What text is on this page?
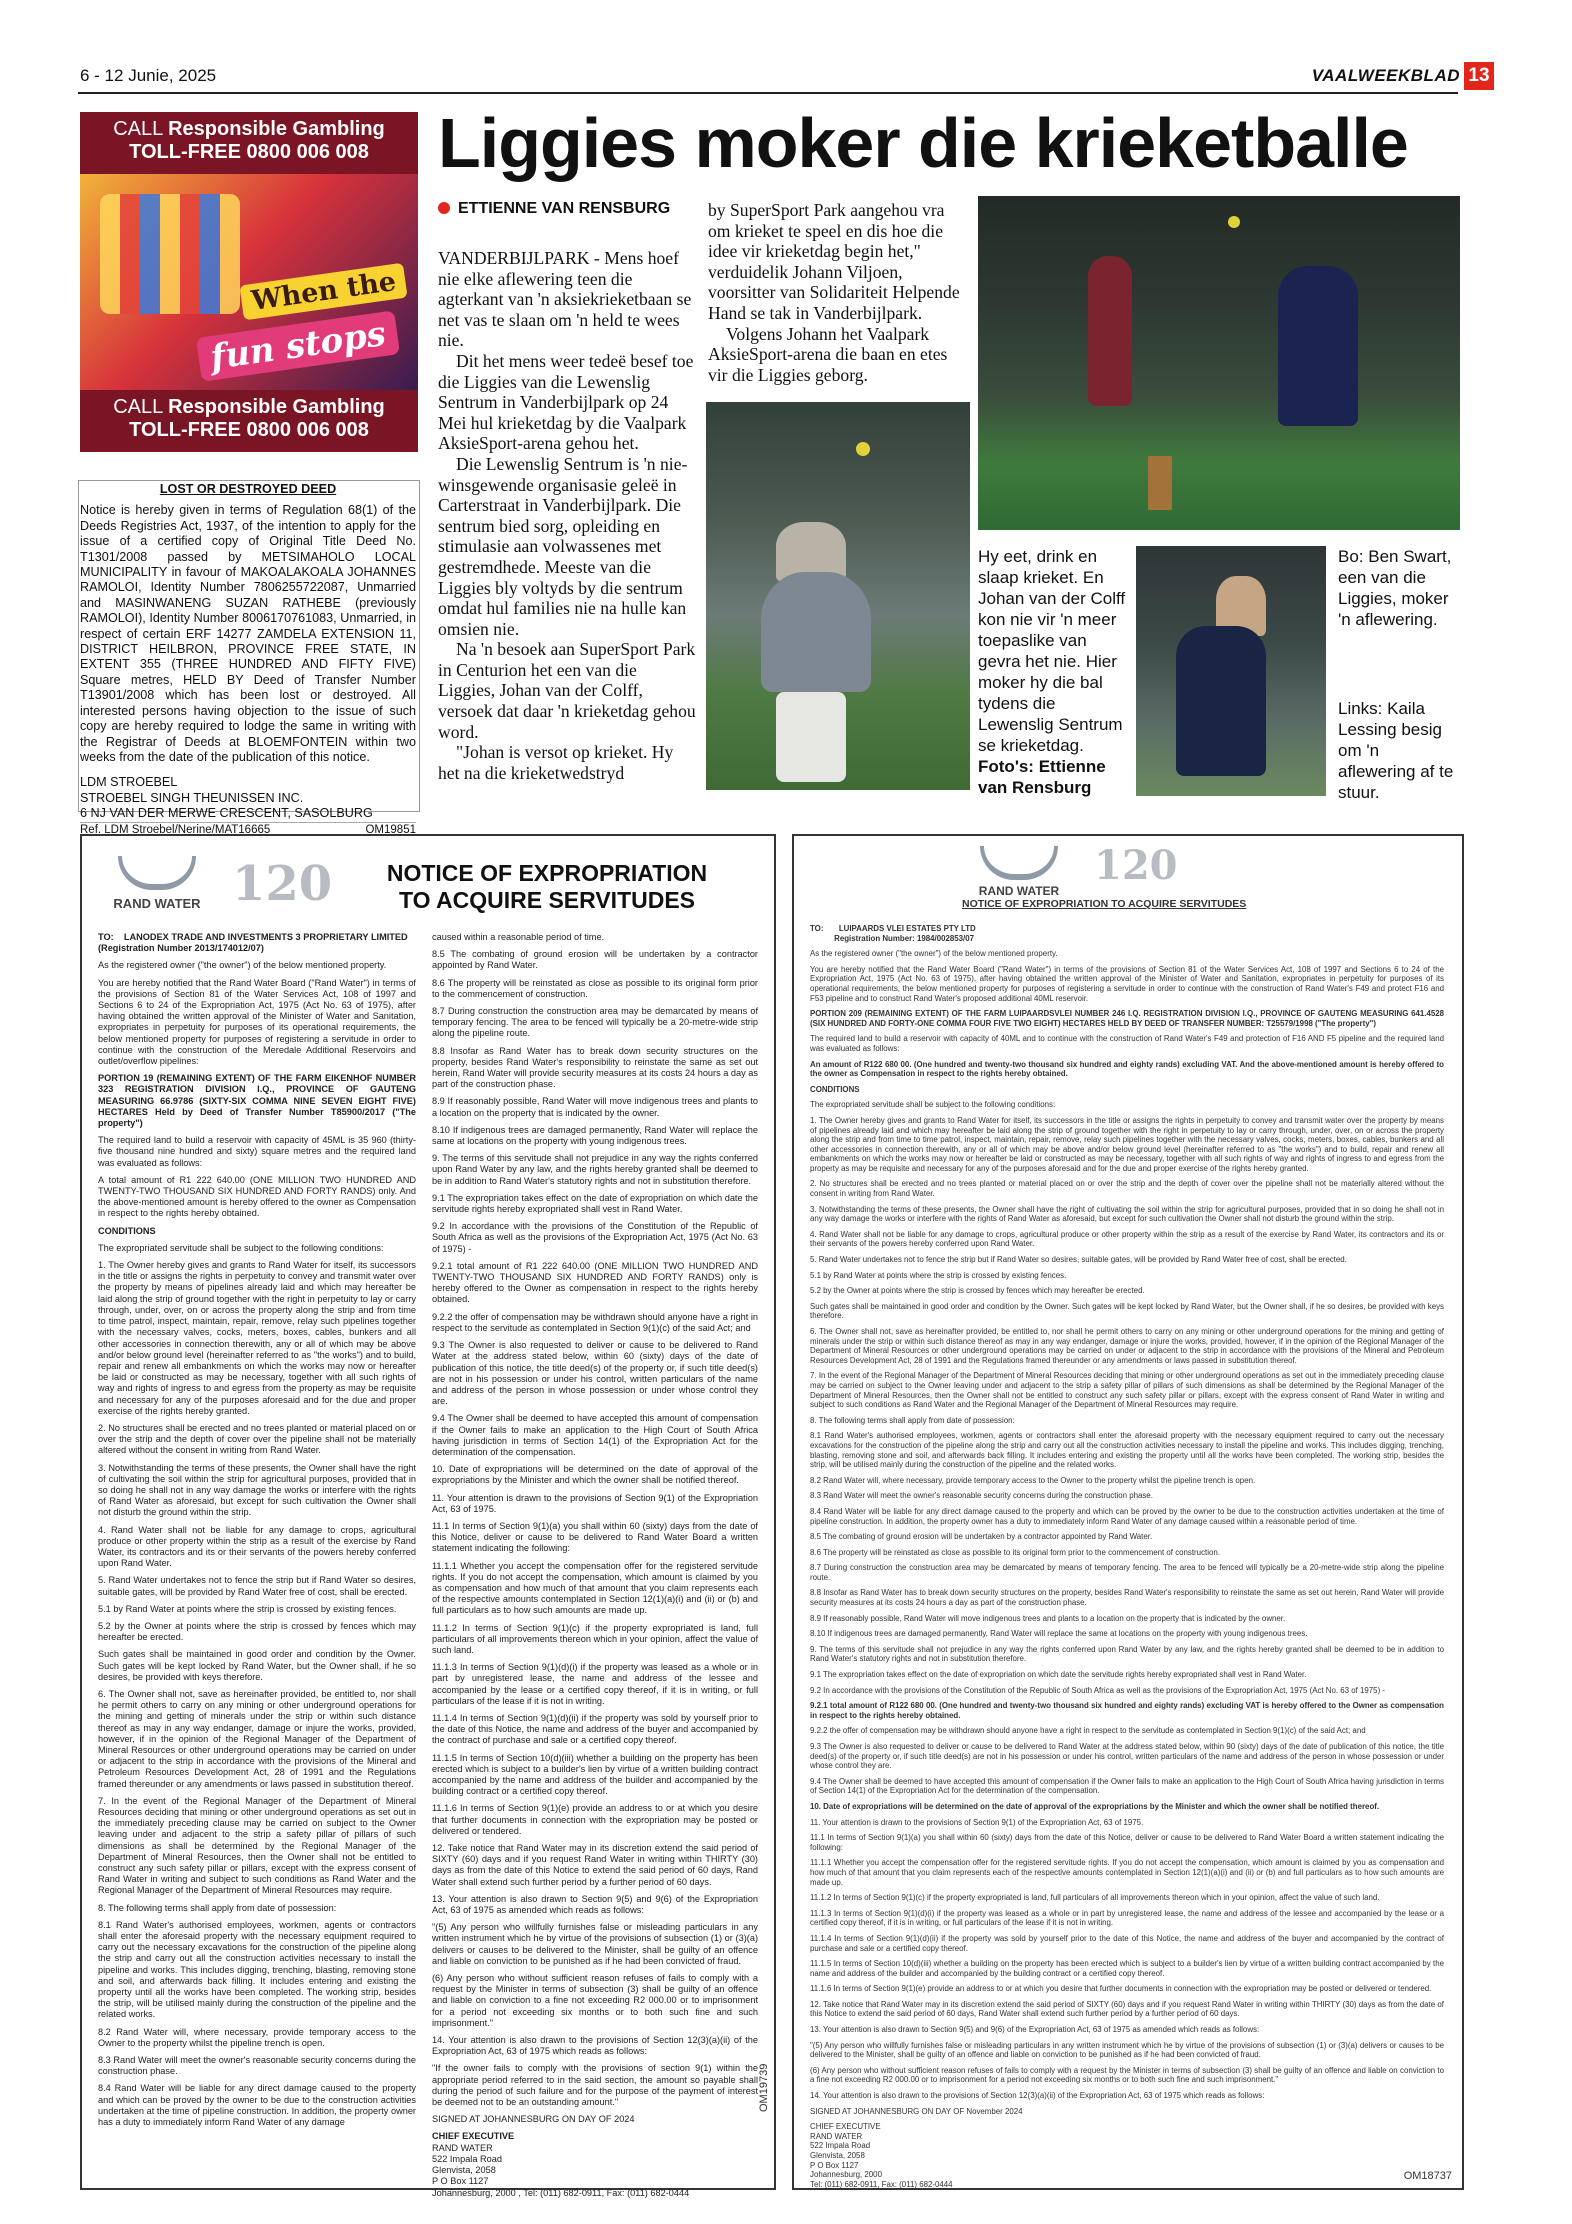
6 - 12 Junie, 2025	VAALWEEKBLAD 13
CALL Responsible Gambling
TOLL-FREE 0800 006 008
When the
fun stops
CALL Responsible Gambling
TOLL-FREE 0800 006 008
LOST OR DESTROYED DEED

Notice is hereby given in terms of Regulation 68(1) of the Deeds Registries Act, 1937, of the intention to apply for the issue of a certified copy of Original Title Deed No. T1301/2008 passed by METSIMAHOLO LOCAL MUNICIPALITY in favour of MAKOALAKOALA JOHANNES RAMOLOI, Identity Number 7806255722087, Unmarried and MASINWANENG SUZAN RATHEBE (previously RAMOLOI), Identity Number 8006170761083, Unmarried, in respect of certain ERF 14277 ZAMDELA EXTENSION 11, DISTRICT HEILBRON, PROVINCE FREE STATE, IN EXTENT 355 (THREE HUNDRED AND FIFTY FIVE) Square metres, HELD BY Deed of Transfer Number T13901/2008 which has been lost or destroyed. All interested persons having objection to the issue of such copy are hereby required to lodge the same in writing with the Registrar of Deeds at BLOEMFONTEIN within two weeks from the date of the publication of this notice.

LDM STROEBEL

STROEBEL SINGH THEUNISSEN INC.

6 NJ VAN DER MERWE CRESCENT, SASOLBURG

Ref. LDM Stroebel/Nerine/MAT16665	OM19851
Liggies moker die krieketballe
ETTIENNE VAN RENSBURG

VANDERBIJLPARK - Mens hoef nie elke aflewering teen die agterkant van 'n aksiekrieketbaan se net vas te slaan om 'n held te wees nie.

Dit het mens weer tedeë besef toe die Liggies van die Lewenslig Sentrum in Vanderbijlpark op 24 Mei hul krieketdag by die Vaalpark AksieSport-arena gehou het.

Die Lewenslig Sentrum is 'n nie-winsgewende organisasie geleë in Carterstraat in Vanderbijlpark. Die sentrum bied sorg, opleiding en stimulasie aan volwassenes met gestremdhede. Meeste van die Liggies bly voltyds by die sentrum omdat hul families nie na hulle kan omsien nie.

Na 'n besoek aan SuperSport Park in Centurion het een van die Liggies, Johan van der Colff, versoek dat daar 'n krieketdag gehou word.

"Johan is versot op krieket. Hy het na die krieketwedstryd

by SuperSport Park aangehou vra om krieket te speel en dis hoe die idee vir krieketdag begin het," verduidelik Johann Viljoen, voorsitter van Solidariteit Helpende Hand se tak in Vanderbijlpark.

Volgens Johann het Vaalpark AksieSport-arena die baan en etes vir die Liggies geborg.

Hy eet, drink en slaap krieket. En Johan van der Colff kon nie vir 'n meer toepaslike van gevra het nie. Hier moker hy die bal tydens die Lewenslig Sentrum se krieketdag. Foto's: Ettienne van Rensburg
Bo: Ben Swart, een van die Liggies, moker 'n aflewering.
Links: Kaila Lessing besig om 'n aflewering af te stuur.
RAND WATER 120 NOTICE OF EXPROPRIATION TO ACQUIRE SERVITUDES

TO: LANODEX TRADE AND INVESTMENTS 3 PROPRIETARY LIMITED
(Registration Number 2013/174012/07)

As the registered owner ("the owner") of the below mentioned property.

You are hereby notified that the Rand Water Board ("Rand Water") in terms of the provisions of Section 81 of the Water Services Act, 108 of 1997 and Sections 6 to 24 of the Expropriation Act, 1975 (Act No. 63 of 1975), after having obtained the written approval of the Minister of Water and Sanitation, expropriates in perpetuity for purposes of its operational requirements, the below mentioned property for purposes of registering a servitude in order to continue with the construction of the Meredale Additional Reservoirs and outlet/overflow pipelines:

PORTION 19 (REMAINING EXTENT) OF THE FARM EIKENHOF NUMBER 323 REGISTRATION DIVISION I.Q., PROVINCE OF GAUTENG MEASURING 66.9786 (SIXTY-SIX COMMA NINE SEVEN EIGHT FIVE) HECTARES Held by Deed of Transfer Number T85900/2017 ("The property")

The required land to build a reservoir with capacity of 45ML is 35 960 (thirty-five thousand nine hundred and sixty) square metres and the required land was evaluated as follows:

A total amount of R1 222 640.00 (ONE MILLION TWO HUNDRED AND TWENTY-TWO THOUSAND SIX HUNDRED AND FORTY RANDS) only. And the above-mentioned amount is hereby offered to the owner as Compensation in respect to the rights hereby obtained.

CONDITIONS

The expropriated servitude shall be subject to the following conditions:

1. The Owner hereby gives and grants to Rand Water for itself, its successors in the title or assigns the rights in perpetuity to convey and transmit water over the property by means of pipelines already laid and which may hereafter be laid along the strip of ground together with the right in perpetuity to lay or carry through, under, over, on or across the property along the strip and from time to time patrol, inspect, maintain, repair, remove, relay such pipelines together with the necessary valves, cocks, meters, boxes, cables, bunkers and all other accessories in connection therewith, any or all of which may be above and/or below ground level (hereinafter referred to as "the works") and to build, repair and renew all embankments on which the works may now or hereafter be laid or constructed as may be necessary, together with all such rights of way and rights of ingress to and egress from the property as may be requisite and necessary for any of the purposes aforesaid and for the due and proper exercise of the rights hereby granted.

2. No structures shall be erected and no trees planted or material placed on or over the strip and the depth of cover over the pipeline shall not be materially altered without the consent in writing from Rand Water.

3. Notwithstanding the terms of these presents, the Owner shall have the right of cultivating the soil within the strip for agricultural purposes, provided that in so doing he shall not in any way damage the works or interfere with the rights of Rand Water as aforesaid, but except for such cultivation the Owner shall not disturb the ground within the strip.

4. Rand Water shall not be liable for any damage to crops, agricultural produce or other property within the strip as a result of the exercise by Rand Water, its contractors and its or their servants of the powers hereby conferred upon Rand Water.

5. Rand Water undertakes not to fence the strip but if Rand Water so desires, suitable gates, will be provided by Rand Water free of cost, shall be erected.

5.1 by Rand Water at points where the strip is crossed by existing fences.

5.2 by the Owner at points where the strip is crossed by fences which may hereafter be erected.

Such gates shall be maintained in good order and condition by the Owner. Such gates will be kept locked by Rand Water, but the Owner shall, if he so desires, be provided with keys therefore.

6. The Owner shall not, save as hereinafter provided, be entitled to, nor shall he permit others to carry on any mining or other underground operations for the mining and getting of minerals under the strip or within such distance thereof as may in any way endanger, damage or injure the works, provided, however, if in the opinion of the Regional Manager of the Department of Mineral Resources or other underground operations may be carried on under or adjacent to the strip in accordance with the provisions of the Mineral and Petroleum Resources Development Act, 28 of 1991 and the Regulations framed thereunder or any amendments or laws passed in substitution thereof.

7. In the event of the Regional Manager of the Department of Mineral Resources deciding that mining or other underground operations as set out in the immediately preceding clause may be carried on subject to the Owner leaving under and adjacent to the strip a safety pillar of pillars of such dimensions as shall be determined by the Regional Manager of the Department of Mineral Resources, then the Owner shall not be entitled to construct any such safety pillar or pillars, except with the express consent of Rand Water in writing and subject to such conditions as Rand Water and the Regional Manager of the Department of Mineral Resources may require.

8. The following terms shall apply from date of possession:

8.1 Rand Water's authorised employees, workmen, agents or contractors shall enter the aforesaid property with the necessary equipment required to carry out the necessary excavations for the construction of the pipeline along the strip and carry out all the construction activities necessary to install the pipeline and works. This includes digging, trenching, blasting, removing stone and soil, and afterwards back filling. It includes entering and existing the property until all the works have been completed. The working strip, besides the strip, will be utilised mainly during the construction of the pipeline and the related works.

8.2 Rand Water will, where necessary, provide temporary access to the Owner to the property whilst the pipeline trench is open.

8.3 Rand Water will meet the owner's reasonable security concerns during the construction phase.

8.4 Rand Water will be liable for any direct damage caused to the property and which can be proved by the owner to be due to the construction activities undertaken at the time of pipeline construction. In addition, the property owner has a duty to immediately inform Rand Water of any damage

caused within a reasonable period of time.

8.5 The combating of ground erosion will be undertaken by a contractor appointed by Rand Water.

8.6 The property will be reinstated as close as possible to its original form prior to the commencement of construction.

8.7 During construction the construction area may be demarcated by means of temporary fencing. The area to be fenced will typically be a 20-metre-wide strip along the pipeline route.

8.8 Insofar as Rand Water has to break down security structures on the property, besides Rand Water's responsibility to reinstate the same as set out herein, Rand Water will provide security measures at its costs 24 hours a day as part of the construction phase.

8.9 If reasonably possible, Rand Water will move indigenous trees and plants to a location on the property that is indicated by the owner.

8.10 If indigenous trees are damaged permanently, Rand Water will replace the same at locations on the property with young indigenous trees.

9. The terms of this servitude shall not prejudice in any way the rights conferred upon Rand Water by any law, and the rights hereby granted shall be deemed to be in addition to Rand Water's statutory rights and not in substitution therefore.

9.1 The expropriation takes effect on the date of expropriation on which date the servitude rights hereby expropriated shall vest in Rand Water.

9.2 In accordance with the provisions of the Constitution of the Republic of South Africa as well as the provisions of the Expropriation Act, 1975 (Act No. 63 of 1975) -

9.2.1 total amount of R1 222 640.00 (ONE MILLION TWO HUNDRED AND TWENTY-TWO THOUSAND SIX HUNDRED AND FORTY RANDS) only is hereby offered to the Owner as compensation in respect to the rights hereby obtained.

9.2.2 the offer of compensation may be withdrawn should anyone have a right in respect to the servitude as contemplated in Section 9(1)(c) of the said Act; and

9.3 The Owner is also requested to deliver or cause to be delivered to Rand Water at the address stated below, within 60 (sixty) days of the date of publication of this notice, the title deed(s) of the property or, if such title deed(s) are not in his possession or under his control, written particulars of the name and address of the person in whose possession or under whose control they are.

9.4 The Owner shall be deemed to have accepted this amount of compensation if the Owner fails to make an application to the High Court of South Africa having jurisdiction in terms of Section 14(1) of the Expropriation Act for the determination of the compensation.

10. Date of expropriations will be determined on the date of approval of the expropriations by the Minister and which the owner shall be notified thereof.

11. Your attention is drawn to the provisions of Section 9(1) of the Expropriation Act, 63 of 1975.

11.1 In terms of Section 9(1)(a) you shall within 60 (sixty) days from the date of this Notice, deliver or cause to be delivered to Rand Water Board a written statement indicating the following:

11.1.1 Whether you accept the compensation offer for the registered servitude rights. If you do not accept the compensation, which amount is claimed by you as compensation and how much of that amount that you claim represents each of the respective amounts contemplated in Section 12(1)(a)(i) and (ii) or (b) and full particulars as to how such amounts are made up.

11.1.2 In terms of Section 9(1)(c) if the property expropriated is land, full particulars of all improvements thereon which in your opinion, affect the value of such land.

11.1.3 In terms of Section 9(1)(d)(i) if the property was leased as a whole or in part by unregistered lease, the name and address of the lessee and accompanied by the lease or a certified copy thereof, if it is in writing, or full particulars of the lease if it is not in writing.

11.1.4 In terms of Section 9(1)(d)(ii) if the property was sold by yourself prior to the date of this Notice, the name and address of the buyer and accompanied by the contract of purchase and sale or a certified copy thereof.

11.1.5 In terms of Section 10(d)(iii) whether a building on the property has been erected which is subject to a builder's lien by virtue of a written building contract accompanied by the name and address of the builder and accompanied by the building contract or a certified copy thereof.

11.1.6 In terms of Section 9(1)(e) provide an address to or at which you desire that further documents in connection with the expropriation may be posted or delivered or tendered.

12. Take notice that Rand Water may in its discretion extend the said period of SIXTY (60) days and if you request Rand Water in writing within THIRTY (30) days as from the date of this Notice to extend the said period of 60 days, Rand Water shall extend such further period by a further period of 60 days.

13. Your attention is also drawn to Section 9(5) and 9(6) of the Expropriation Act, 63 of 1975 as amended which reads as follows:

"(5) Any person who willfully furnishes false or misleading particulars in any written instrument which he by virtue of the provisions of subsection (1) or (3)(a) delivers or causes to be delivered to the Minister, shall be guilty of an offence and liable on conviction to be punished as if he had been convicted of fraud.

(6) Any person who without sufficient reason refuses of fails to comply with a request by the Minister in terms of subsection (3) shall be guilty of an offence and liable on conviction to a fine not exceeding R2 000.00 or to imprisonment for a period not exceeding six months or to both such fine and such imprisonment."

14. Your attention is also drawn to the provisions of Section 12(3)(a)(ii) of the Expropriation Act, 63 of 1975 which reads as follows:

"If the owner fails to comply with the provisions of section 9(1) within the appropriate period referred to in the said section, the amount so payable shall during the period of such failure and for the purpose of the payment of interest be deemed not to be an outstanding amount."

SIGNED AT JOHANNESBURG ON DAY OF 2024

CHIEF EXECUTIVE

RAND WATER
522 Impala Road
Glenvista, 2058
P O Box 1127
Johannesburg, 2000 , Tel: (011) 682-0911, Fax: (011) 682-0444
OM19739
RAND WATER
120
NOTICE OF EXPROPRIATION TO ACQUIRE SERVITUDES

TO: LUIPAARDS VLEI ESTATES PTY LTD
Registration Number: 1984/002853/07

As the registered owner ("the owner") of the below mentioned property.

You are hereby notified that the Rand Water Board ("Rand Water") in terms of the provisions of Section 81 of the Water Services Act, 108 of 1997 and Sections 6 to 24 of the Expropriation Act, 1975 (Act No. 63 of 1975), after having obtained the written approval of the Minister of Water and Sanitation, expropriates in perpetuity for purposes of its operational requirements, the below mentioned property for purposes of registering a servitude in order to continue with the construction of Rand Water's F49 and protect F16 and F53 pipeline and to construct Rand Water's proposed additional 40ML reservoir.

PORTION 209 (REMAINING EXTENT) OF THE FARM LUIPAARDSVLEI NUMBER 246 I.Q. REGISTRATION DIVISION I.Q., PROVINCE OF GAUTENG MEASURING 641.4528 (SIX HUNDRED AND FORTY-ONE COMMA FOUR FIVE TWO EIGHT) HECTARES HELD BY DEED OF TRANSFER NUMBER: T25579/1998 ("The property")

The required land to build a reservoir with capacity of 40ML and to continue with the construction of Rand Water's F49 and protection of F16 AND F5 pipeline and the required land was evaluated as follows:

An amount of R122 680 00. (One hundred and twenty-two thousand six hundred and eighty rands) excluding VAT. And the above-mentioned amount is hereby offered to the owner as Compensation in respect to the rights hereby obtained.

CONDITIONS

The expropriated servitude shall be subject to the following conditions:

1. The Owner hereby gives and grants to Rand Water for itself, its successors in the title or assigns the rights in perpetuity to convey and transmit water over the property by means of pipelines already laid and which may hereafter be laid along the strip of ground together with the right in perpetuity to lay or carry through, under, over, on or across the property along the strip and from time to time patrol, inspect, maintain, repair, remove, relay such pipelines together with the necessary valves, cocks, meters, boxes, cables, bunkers and all other accessories in connection therewith, any or all of which may be above and/or below ground level (hereinafter referred to as "the works") and to build, repair and renew all embankments on which the works may now or hereafter be laid or constructed as may be necessary, together with all such rights of way and rights of ingress to and egress from the property as may be requisite and necessary for any of the purposes aforesaid and for the due and proper exercise of the rights hereby granted.

2. No structures shall be erected and no trees planted or material placed on or over the strip and the depth of cover over the pipeline shall not be materially altered without the consent in writing from Rand Water.

3. Notwithstanding the terms of these presents, the Owner shall have the right of cultivating the soil within the strip for agricultural purposes, provided that in so doing he shall not in any way damage the works or interfere with the rights of Rand Water as aforesaid, but except for such cultivation the Owner shall not disturb the ground within the strip.

4. Rand Water shall not be liable for any damage to crops, agricultural produce or other property within the strip as a result of the exercise by Rand Water, its contractors and its or their servants of the powers hereby conferred upon Rand Water.

5. Rand Water undertakes not to fence the strip but if Rand Water so desires, suitable gates, will be provided by Rand Water free of cost, shall be erected.

5.1 by Rand Water at points where the strip is crossed by existing fences.

5.2 by the Owner at points where the strip is crossed by fences which may hereafter be erected.

Such gates shall be maintained in good order and condition by the Owner. Such gates will be kept locked by Rand Water, but the Owner shall, if he so desires, be provided with keys therefore.

6. The Owner shall not, save as hereinafter provided, be entitled to, nor shall he permit others to carry on any mining or other underground operations for the mining and getting of minerals under the strip or within such distance thereof as may in any way endanger, damage or injure the works, provided, however, if in the opinion of the Regional Manager of the Department of Mineral Resources or other underground operations may be carried on under or adjacent to the strip in accordance with the provisions of the Mineral and Petroleum Resources Development Act, 28 of 1991 and the Regulations framed thereunder or any amendments or laws passed in substitution thereof.

7. In the event of the Regional Manager of the Department of Mineral Resources deciding that mining or other underground operations as set out in the immediately preceding clause may be carried on subject to the Owner leaving under and adjacent to the strip a safety pillar of pillars of such dimensions as shall be determined by the Regional Manager of the Department of Mineral Resources, then the Owner shall not be entitled to construct any such safety pillar or pillars, except with the express consent of Rand Water in writing and subject to such conditions as Rand Water and the Regional Manager of the Department of Mineral Resources may require.

8. The following terms shall apply from date of possession:

8.1 Rand Water's authorised employees, workmen, agents or contractors shall enter the aforesaid property with the necessary equipment required to carry out the necessary excavations for the construction of the pipeline along the strip and carry out all the construction activities necessary to install the pipeline and works. This includes digging, trenching, blasting, removing stone and soil, and afterwards back filling. It includes entering and existing the property until all the works have been completed. The working strip, besides the strip, will be utilised mainly during the construction of the pipeline and the related works.

8.2 Rand Water will, where necessary, provide temporary access to the Owner to the property whilst the pipeline trench is open.

8.3 Rand Water will meet the owner's reasonable security concerns during the construction phase.

8.4 Rand Water will be liable for any direct damage caused to the property and which can be proved by the owner to be due to the construction activities undertaken at the time of pipeline construction. In addition, the property owner has a duty to immediately inform Rand Water of any damage caused within a reasonable period of time.

8.5 The combating of ground erosion will be undertaken by a contractor appointed by Rand Water.

8.6 The property will be reinstated as close as possible to its original form prior to the commencement of construction.

8.7 During construction the construction area may be demarcated by means of temporary fencing. The area to be fenced will typically be a 20-metre-wide strip along the pipeline route.

8.8 Insofar as Rand Water has to break down security structures on the property, besides Rand Water's responsibility to reinstate the same as set out herein, Rand Water will provide security measures at its costs 24 hours a day as part of the construction phase.

8.9 If reasonably possible, Rand Water will move indigenous trees and plants to a location on the property that is indicated by the owner.

8.10 If indigenous trees are damaged permanently, Rand Water will replace the same at locations on the property with young indigenous trees.

9. The terms of this servitude shall not prejudice in any way the rights conferred upon Rand Water by any law, and the rights hereby granted shall be deemed to be in addition to Rand Water's statutory rights and not in substitution therefore.

9.1 The expropriation takes effect on the date of expropriation on which date the servitude rights hereby expropriated shall vest in Rand Water.

9.2 In accordance with the provisions of the Constitution of the Republic of South Africa as well as the provisions of the Expropriation Act, 1975 (Act No. 63 of 1975) -

9.2.1 total amount of R122 680 00. (One hundred and twenty-two thousand six hundred and eighty rands) excluding VAT is hereby offered to the Owner as compensation in respect to the rights hereby obtained.

9.2.2 the offer of compensation may be withdrawn should anyone have a right in respect to the servitude as contemplated in Section 9(1)(c) of the said Act; and

9.3 The Owner is also requested to deliver or cause to be delivered to Rand Water at the address stated below, within 90 (sixty) days of the date of publication of this notice, the title deed(s) of the property or, if such title deed(s) are not in his possession or under his control, written particulars of the name and address of the person in whose possession or under whose control they are.

9.4 The Owner shall be deemed to have accepted this amount of compensation if the Owner fails to make an application to the High Court of South Africa having jurisdiction in terms of Section 14(1) of the Expropriation Act for the determination of the compensation.

10. Date of expropriations will be determined on the date of approval of the expropriations by the Minister and which the owner shall be notified thereof.

11. Your attention is drawn to the provisions of Section 9(1) of the Expropriation Act, 63 of 1975.

11.1 In terms of Section 9(1)(a) you shall within 60 (sixty) days from the date of this Notice, deliver or cause to be delivered to Rand Water Board a written statement indicating the following:

11.1.1 Whether you accept the compensation offer for the registered servitude rights. If you do not accept the compensation, which amount is claimed by you as compensation and how much of that amount that you claim represents each of the respective amounts contemplated in Section 12(1)(a)(i) and (ii) or (b) and full particulars as to how such amounts are made up.

11.1.2 In terms of Section 9(1)(c) if the property expropriated is land, full particulars of all improvements thereon which in your opinion, affect the value of such land.

11.1.3 In terms of Section 9(1)(d)(i) if the property was leased as a whole or in part by unregistered lease, the name and address of the lessee and accompanied by the lease or a certified copy thereof, if it is in writing, or full particulars of the lease if it is not in writing.

11.1.4 In terms of Section 9(1)(d)(ii) if the property was sold by yourself prior to the date of this Notice, the name and address of the buyer and accompanied by the contract of purchase and sale or a certified copy thereof.

11.1.5 In terms of Section 10(d)(iii) whether a building on the property has been erected which is subject to a builder's lien by virtue of a written building contract accompanied by the name and address of the builder and accompanied by the building contract or a certified copy thereof.

11.1.6 In terms of Section 9(1)(e) provide an address to or at which you desire that further documents in connection with the expropriation may be posted or delivered or tendered.

12. Take notice that Rand Water may in its discretion extend the said period of SIXTY (60) days and if you request Rand Water in writing within THIRTY (30) days as from the date of this Notice to extend the said period of 60 days, Rand Water shall extend such further period by a further period of 60 days.

13. Your attention is also drawn to Section 9(5) and 9(6) of the Expropriation Act, 63 of 1975 as amended which reads as follows:

"(5) Any person who willfully furnishes false or misleading particulars in any written instrument which he by virtue of the provisions of subsection (1) or (3)(a) delivers or causes to be delivered to the Minister, shall be guilty of an offence and liable on conviction to be punished as if he had been convicted of fraud.

(6) Any person who without sufficient reason refuses of fails to comply with a request by the Minister in terms of subsection (3) shall be guilty of an offence and liable on conviction to a fine not exceeding R2 000.00 or to imprisonment for a period not exceeding six months or to both such fine and such imprisonment."

14. Your attention is also drawn to the provisions of Section 12(3)(a)(ii) of the Expropriation Act, 63 of 1975 which reads as follows:

SIGNED AT JOHANNESBURG ON DAY OF November 2024

CHIEF EXECUTIVE

RAND WATER
522 Impala Road
Glenvista, 2058
P O Box 1127
Johannesburg, 2000
Tel: (011) 682-0911, Fax: (011) 682-0444
OM18737
